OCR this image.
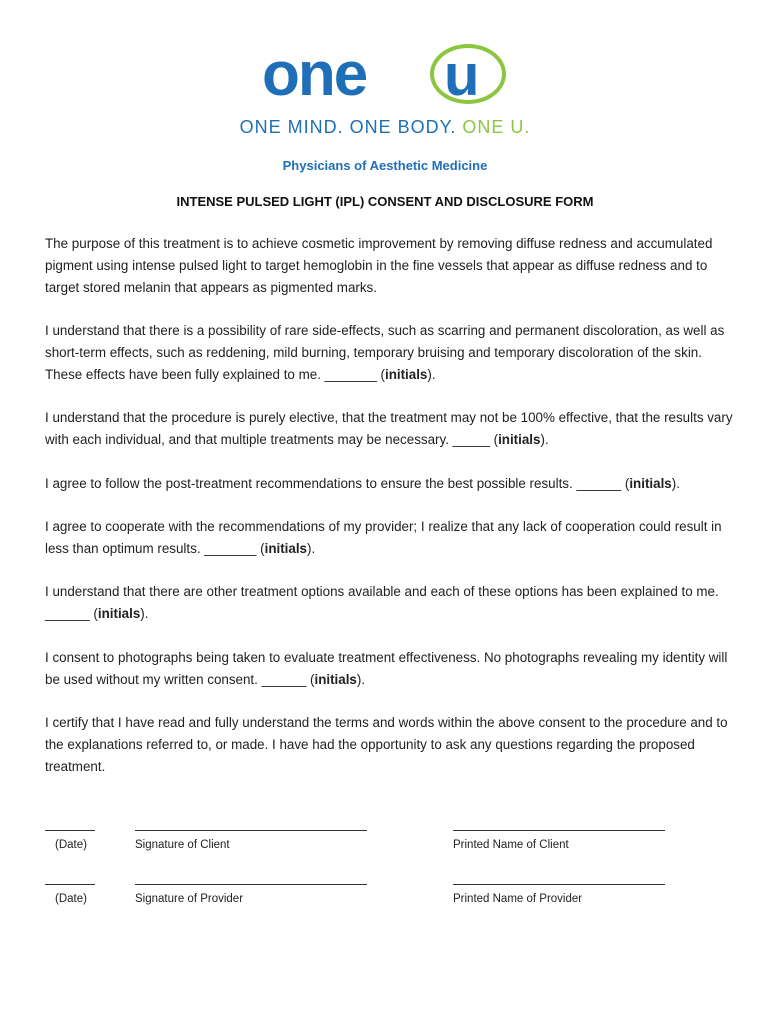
one u
ONE MIND. ONE BODY. ONE U.
Physicians of Aesthetic Medicine
INTENSE PULSED LIGHT (IPL) CONSENT AND DISCLOSURE FORM
The purpose of this treatment is to achieve cosmetic improvement by removing diffuse redness and accumulated pigment using intense pulsed light to target hemoglobin in the fine vessels that appear as diffuse redness and to target stored melanin that appears as pigmented marks.
I understand that there is a possibility of rare side-effects, such as scarring and permanent discoloration, as well as short-term effects, such as reddening, mild burning, temporary bruising and temporary discoloration of the skin. These effects have been fully explained to me. _______ (initials).
I understand that the procedure is purely elective, that the treatment may not be 100% effective, that the results vary with each individual, and that multiple treatments may be necessary. _____ (initials).
I agree to follow the post-treatment recommendations to ensure the best possible results. ______ (initials).
I agree to cooperate with the recommendations of my provider; I realize that any lack of cooperation could result in less than optimum results. _______ (initials).
I understand that there are other treatment options available and each of these options has been explained to me. ______ (initials).
I consent to photographs being taken to evaluate treatment effectiveness. No photographs revealing my identity will be used without my written consent. ______ (initials).
I certify that I have read and fully understand the terms and words within the above consent to the procedure and to the explanations referred to, or made. I have had the opportunity to ask any questions regarding the proposed treatment.
(Date)	Signature of Client	Printed Name of Client
(Date)	Signature of Provider	Printed Name of Provider
